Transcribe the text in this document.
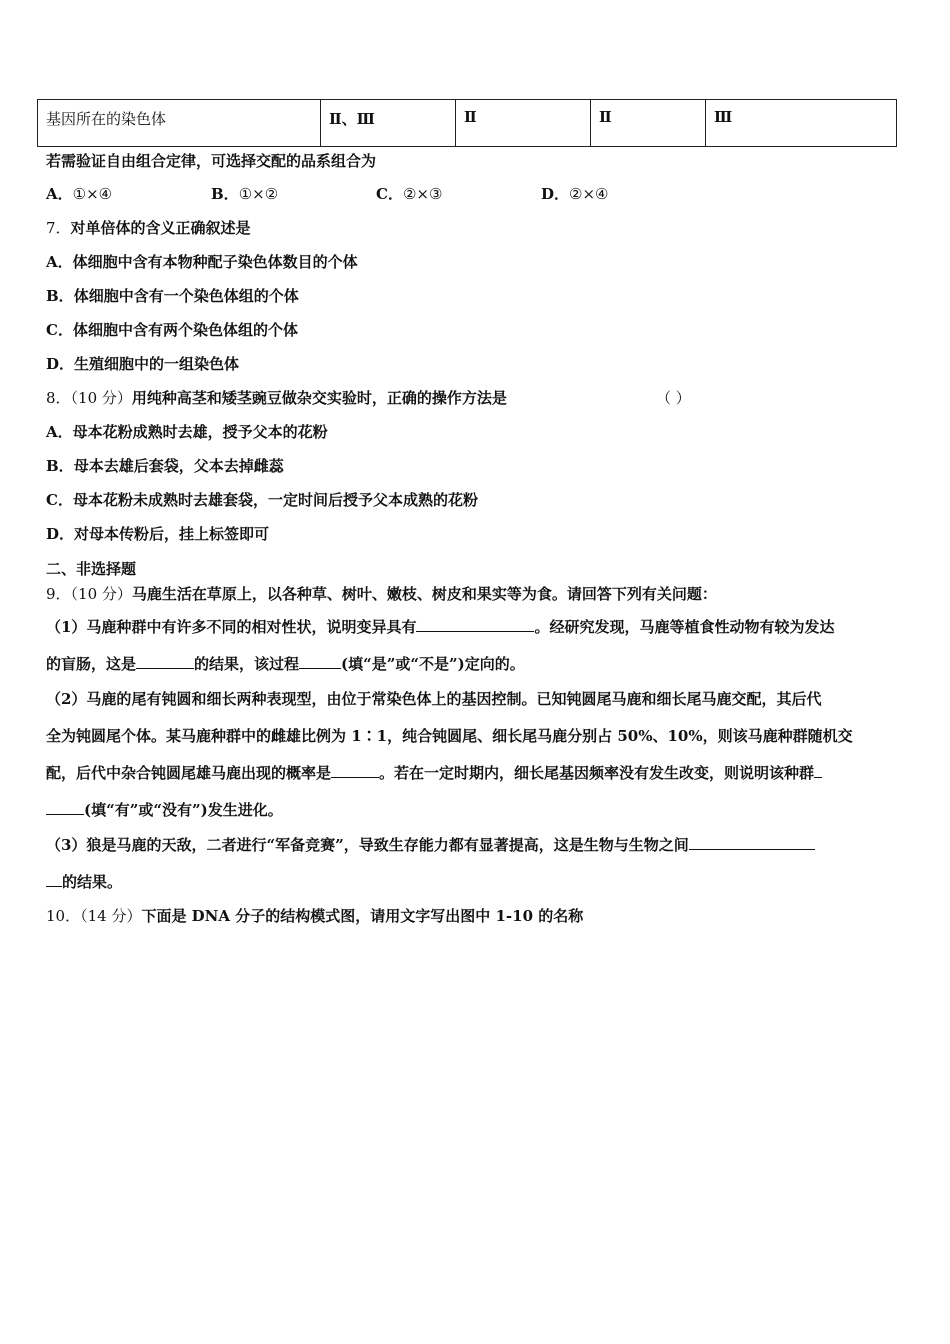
基因所在的染色体	Ⅱ、Ⅲ	Ⅱ	Ⅱ	Ⅲ
若需验证自由组合定律，可选择交配的品系组合为
A．①×④	B．①×②	C．②×③	D．②×④
7．对单倍体的含义正确叙述是
A．体细胞中含有本物种配子染色体数目的个体
B．体细胞中含有一个染色体组的个体
C．体细胞中含有两个染色体组的个体
D．生殖细胞中的一组染色体
8．（10 分）用纯种高茎和矮茎豌豆做杂交实验时，正确的操作方法是	（ ）
A．母本花粉成熟时去雄，授予父本的花粉
B．母本去雄后套袋，父本去掉雌蕊
C．母本花粉未成熟时去雄套袋，一定时间后授予父本成熟的花粉
D．对母本传粉后，挂上标签即可
二、非选择题
9．（10 分）马鹿生活在草原上，以各种草、树叶、嫩枝、树皮和果实等为食。请回答下列有关问题：
（1）马鹿种群中有许多不同的相对性状，说明变异具有	。经研究发现，马鹿等植食性动物有较为发达
的盲肠，这是	的结果，该过程	(填“是”或“不是”)定向的。
（2）马鹿的尾有钝圆和细长两种表现型，由位于常染色体上的基因控制。已知钝圆尾马鹿和细长尾马鹿交配，其后代
全为钝圆尾个体。某马鹿种群中的雌雄比例为 1∶1，纯合钝圆尾、细长尾马鹿分别占 50%、10%，则该马鹿种群随机交
配，后代中杂合钝圆尾雄马鹿出现的概率是	。若在一定时期内，细长尾基因频率没有发生改变，则说明该种群
(填“有”或“没有”)发生进化。
（3）狼是马鹿的天敌，二者进行“军备竞赛”，导致生存能力都有显著提高，这是生物与生物之间
的结果。
10．（14 分）下面是 DNA 分子的结构模式图，请用文字写出图中 1-10 的名称
